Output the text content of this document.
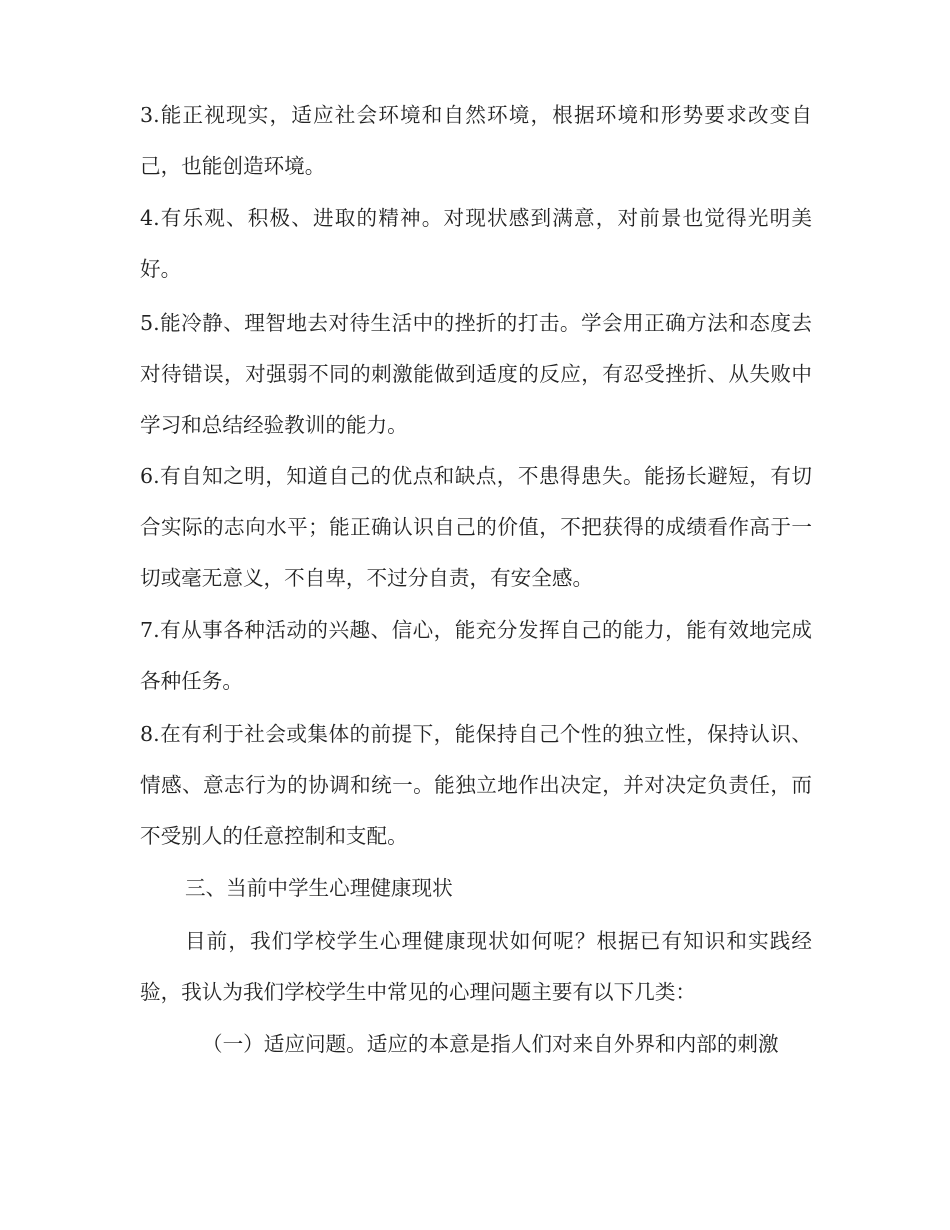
3.能正视现实，适应社会环境和自然环境，根据环境和形势要求改变自己，也能创造环境。

4.有乐观、积极、进取的精神。对现状感到满意，对前景也觉得光明美好。

5.能冷静、理智地去对待生活中的挫折的打击。学会用正确方法和态度去对待错误，对强弱不同的刺激能做到适度的反应，有忍受挫折、从失败中学习和总结经验教训的能力。

6.有自知之明，知道自己的优点和缺点，不患得患失。能扬长避短，有切合实际的志向水平；能正确认识自己的价值，不把获得的成绩看作高于一切或毫无意义，不自卑，不过分自责，有安全感。

7.有从事各种活动的兴趣、信心，能充分发挥自己的能力，能有效地完成各种任务。

8.在有利于社会或集体的前提下，能保持自己个性的独立性，保持认识、情感、意志行为的协调和统一。能独立地作出决定，并对决定负责任，而不受别人的任意控制和支配。

三、当前中学生心理健康现状

目前，我们学校学生心理健康现状如何呢？根据已有知识和实践经验，我认为我们学校学生中常见的心理问题主要有以下几类：

（一）适应问题。适应的本意是指人们对来自外界和内部的刺激
